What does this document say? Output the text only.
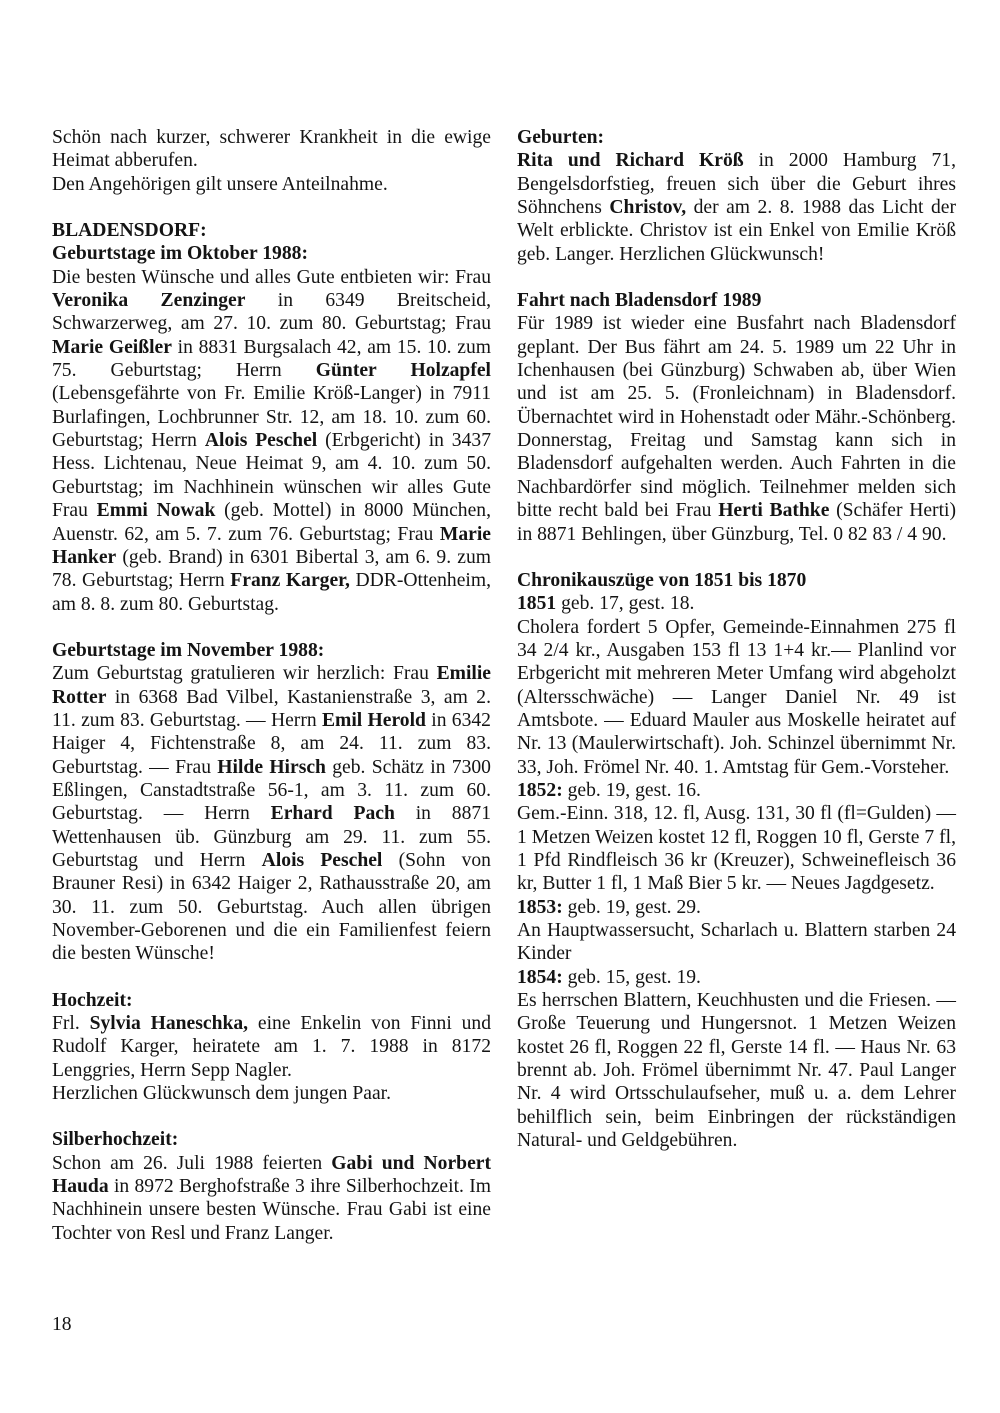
Schön nach kurzer, schwerer Krankheit in die ewige Heimat abberufen.

Den Angehörigen gilt unsere Anteilnahme.

BLADENSDORF:

Geburtstage im Oktober 1988:

Die besten Wünsche und alles Gute entbieten wir: Frau Veronika Zenzinger in 6349 Breitscheid, Schwarzerweg, am 27. 10. zum 80. Geburtstag; Frau Marie Geißler in 8831 Burgsalach 42, am 15. 10. zum 75. Geburtstag; Herrn Günter Holzapfel (Lebensgefährte von Fr. Emilie Kröß-Langer) in 7911 Burlafingen, Lochbrunner Str. 12, am 18. 10. zum 60. Geburtstag; Herrn Alois Peschel (Erbgericht) in 3437 Hess. Lichtenau, Neue Heimat 9, am 4. 10. zum 50. Geburtstag; im Nachhinein wünschen wir alles Gute Frau Emmi Nowak (geb. Mottel) in 8000 München, Auenstr. 62, am 5. 7. zum 76. Geburtstag; Frau Marie Hanker (geb. Brand) in 6301 Bibertal 3, am 6. 9. zum 78. Geburtstag; Herrn Franz Karger, DDR-Ottenheim, am 8. 8. zum 80. Geburtstag.

Geburtstage im November 1988:

Zum Geburtstag gratulieren wir herzlich: Frau Emilie Rotter in 6368 Bad Vilbel, Kastanienstraße 3, am 2. 11. zum 83. Geburtstag. — Herrn Emil Herold in 6342 Haiger 4, Fichtenstraße 8, am 24. 11. zum 83. Geburtstag. — Frau Hilde Hirsch geb. Schätz in 7300 Eßlingen, Canstadtstraße 56-1, am 3. 11. zum 60. Geburtstag. — Herrn Erhard Pach in 8871 Wettenhausen üb. Günzburg am 29. 11. zum 55. Geburtstag und Herrn Alois Peschel (Sohn von Brauner Resi) in 6342 Haiger 2, Rathausstraße 20, am 30. 11. zum 50. Geburtstag. Auch allen übrigen November-Geborenen und die ein Familienfest feiern die besten Wünsche!

Hochzeit:

Frl. Sylvia Haneschka, eine Enkelin von Finni und Rudolf Karger, heiratete am 1. 7. 1988 in 8172 Lenggries, Herrn Sepp Nagler.

Herzlichen Glückwunsch dem jungen Paar.

Silberhochzeit:

Schon am 26. Juli 1988 feierten Gabi und Norbert Hauda in 8972 Berghofstraße 3 ihre Silberhochzeit. Im Nachhinein unsere besten Wünsche. Frau Gabi ist eine Tochter von Resl und Franz Langer.

Geburten:

Rita und Richard Kröß in 2000 Hamburg 71, Bengelsdorfstieg, freuen sich über die Geburt ihres Söhnchens Christov, der am 2. 8. 1988 das Licht der Welt erblickte. Christov ist ein Enkel von Emilie Kröß geb. Langer. Herzlichen Glückwunsch!

Fahrt nach Bladensdorf 1989

Für 1989 ist wieder eine Busfahrt nach Bladensdorf geplant. Der Bus fährt am 24. 5. 1989 um 22 Uhr in Ichenhausen (bei Günzburg) Schwaben ab, über Wien und ist am 25. 5. (Fronleichnam) in Bladensdorf. Übernachtet wird in Hohenstadt oder Mähr.-Schönberg. Donnerstag, Freitag und Samstag kann sich in Bladensdorf aufgehalten werden. Auch Fahrten in die Nachbardörfer sind möglich. Teilnehmer melden sich bitte recht bald bei Frau Herti Bathke (Schäfer Herti) in 8871 Behlingen, über Günzburg, Tel. 0 82 83 / 4 90.

Chronikauszüge von 1851 bis 1870

1851 geb. 17, gest. 18.

Cholera fordert 5 Opfer, Gemeinde-Einnahmen 275 fl 34 2/4 kr., Ausgaben 153 fl 13 1+4 kr.— Planlind vor Erbgericht mit mehreren Meter Umfang wird abgeholzt (Altersschwäche) — Langer Daniel Nr. 49 ist Amtsbote. — Eduard Mauler aus Moskelle heiratet auf Nr. 13 (Maulerwirtschaft). Joh. Schinzel übernimmt Nr. 33, Joh. Frömel Nr. 40. 1. Amtstag für Gem.-Vorsteher.

1852: geb. 19, gest. 16.

Gem.-Einn. 318, 12. fl, Ausg. 131, 30 fl (fl=Gulden) — 1 Metzen Weizen kostet 12 fl, Roggen 10 fl, Gerste 7 fl, 1 Pfd Rindfleisch 36 kr (Kreuzer), Schweinefleisch 36 kr, Butter 1 fl, 1 Maß Bier 5 kr. — Neues Jagdgesetz.

1853: geb. 19, gest. 29.

An Hauptwassersucht, Scharlach u. Blattern starben 24 Kinder

1854: geb. 15, gest. 19.

Es herrschen Blattern, Keuchhusten und die Friesen. — Große Teuerung und Hungersnot. 1 Metzen Weizen kostet 26 fl, Roggen 22 fl, Gerste 14 fl. — Haus Nr. 63 brennt ab. Joh. Frömel übernimmt Nr. 47. Paul Langer Nr. 4 wird Ortsschulaufseher, muß u. a. dem Lehrer behilflich sein, beim Einbringen der rückständigen Natural- und Geldgebühren.

18
